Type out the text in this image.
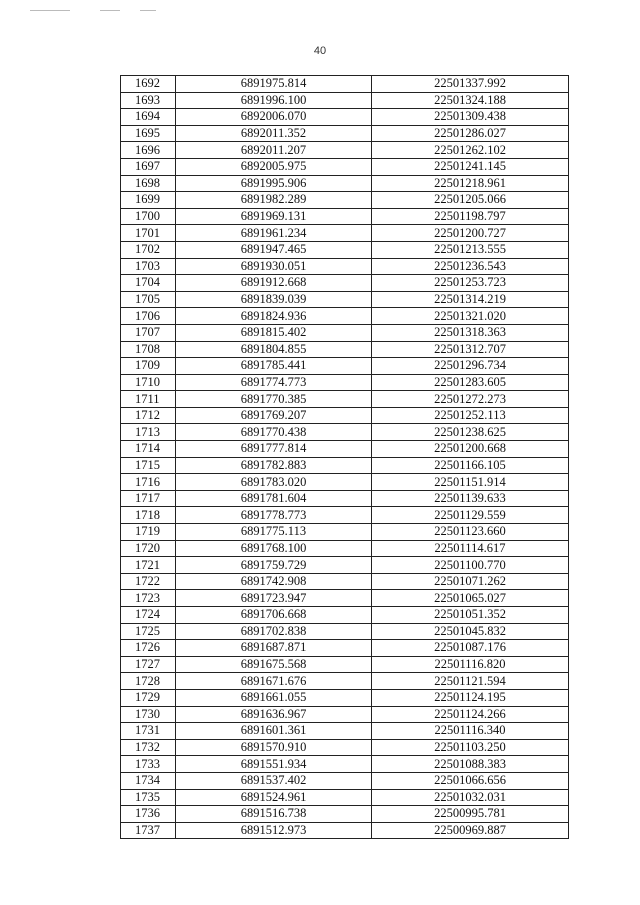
40
1692	6891975.814	22501337.992
1693	6891996.100	22501324.188
1694	6892006.070	22501309.438
1695	6892011.352	22501286.027
1696	6892011.207	22501262.102
1697	6892005.975	22501241.145
1698	6891995.906	22501218.961
1699	6891982.289	22501205.066
1700	6891969.131	22501198.797
1701	6891961.234	22501200.727
1702	6891947.465	22501213.555
1703	6891930.051	22501236.543
1704	6891912.668	22501253.723
1705	6891839.039	22501314.219
1706	6891824.936	22501321.020
1707	6891815.402	22501318.363
1708	6891804.855	22501312.707
1709	6891785.441	22501296.734
1710	6891774.773	22501283.605
1711	6891770.385	22501272.273
1712	6891769.207	22501252.113
1713	6891770.438	22501238.625
1714	6891777.814	22501200.668
1715	6891782.883	22501166.105
1716	6891783.020	22501151.914
1717	6891781.604	22501139.633
1718	6891778.773	22501129.559
1719	6891775.113	22501123.660
1720	6891768.100	22501114.617
1721	6891759.729	22501100.770
1722	6891742.908	22501071.262
1723	6891723.947	22501065.027
1724	6891706.668	22501051.352
1725	6891702.838	22501045.832
1726	6891687.871	22501087.176
1727	6891675.568	22501116.820
1728	6891671.676	22501121.594
1729	6891661.055	22501124.195
1730	6891636.967	22501124.266
1731	6891601.361	22501116.340
1732	6891570.910	22501103.250
1733	6891551.934	22501088.383
1734	6891537.402	22501066.656
1735	6891524.961	22501032.031
1736	6891516.738	22500995.781
1737	6891512.973	22500969.887
